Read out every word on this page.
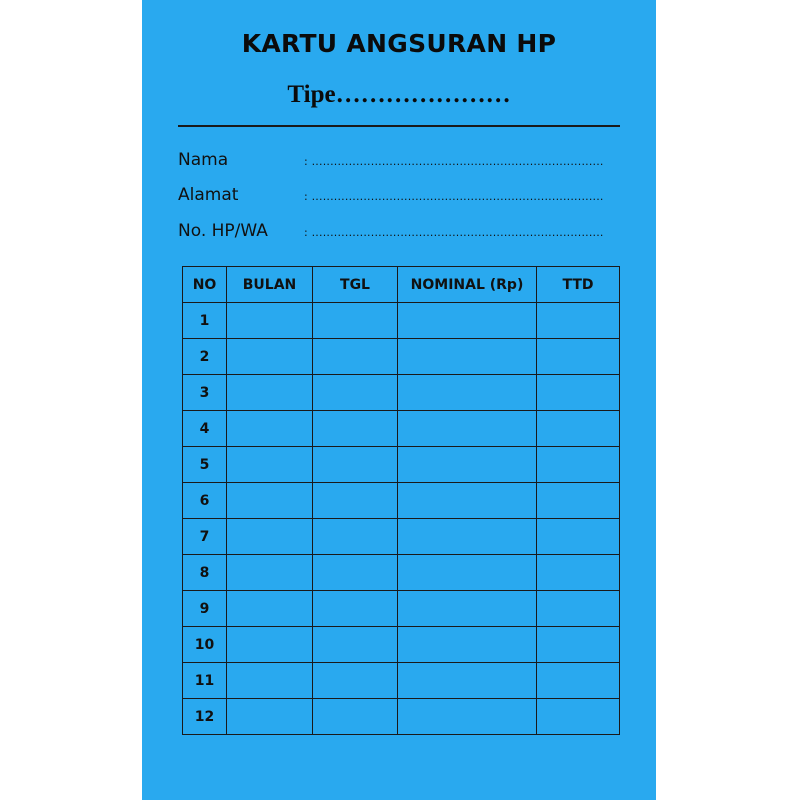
KARTU ANGSURAN HP
Tipe…………………
Nama	: ...............................................................................
Alamat	: ...............................................................................
No. HP/WA	: ...............................................................................
NO	BULAN	TGL	NOMINAL (Rp)	TTD
1				
2				
3				
4				
5				
6				
7				
8				
9				
10				
11				
12				
